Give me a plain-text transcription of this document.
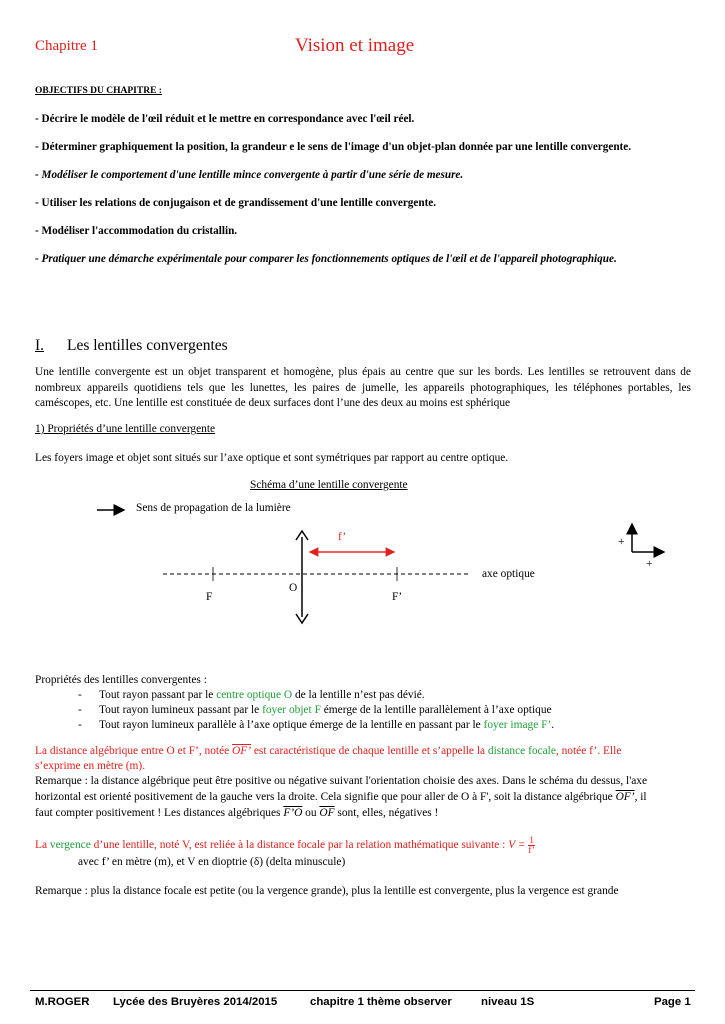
Chapitre 1	Vision et image
OBJECTIFS DU CHAPITRE :
- Décrire le modèle de l'œil réduit et le mettre en correspondance avec l'œil réel.
- Déterminer graphiquement la position, la grandeur e le sens de l'image d'un objet-plan donnée par une lentille convergente.
- Modéliser le comportement d'une lentille mince convergente à partir d'une série de mesure.
- Utiliser les relations de conjugaison et de grandissement d'une lentille convergente.
- Modéliser l'accommodation du cristallin.
- Pratiquer une démarche expérimentale pour comparer les fonctionnements optiques de l'œil et de l'appareil photographique.
I. Les lentilles convergentes
Une lentille convergente est un objet transparent et homogène, plus épais au centre que sur les bords. Les lentilles se retrouvent dans de nombreux appareils quotidiens tels que les lunettes, les paires de jumelle, les appareils photographiques, les téléphones portables, les caméscopes, etc. Une lentille est constituée de deux surfaces dont l’une des deux au moins est sphérique
1) Propriétés d’une lentille convergente
Les foyers image et objet sont situés sur l’axe optique et sont symétriques par rapport au centre optique.
Schéma d’une lentille convergente
Sens de propagation de la lumière
f’
axe optique
F
O
F’
+
+
Propriétés des lentilles convergentes :
- Tout rayon passant par le centre optique O de la lentille n’est pas dévié.
- Tout rayon lumineux passant par le foyer objet F émerge de la lentille parallèlement à l’axe optique
- Tout rayon lumineux parallèle à l’axe optique émerge de la lentille en passant par le foyer image F’.
La distance algébrique entre O et F’, notée OF’ est caractéristique de chaque lentille et s’appelle la distance focale, notée f’. Elle
s’exprime en mètre (m).
Remarque : la distance algébrique peut être positive ou négative suivant l'orientation choisie des axes. Dans le schéma du dessus, l'axe
horizontal est orienté positivement de la gauche vers la droite. Cela signifie que pour aller de O à F', soit la distance algébrique OF’, il
faut compter positivement ! Les distances algébriques F’O ou $\overline{OF}$ sont, elles, négatives !
La vergence d’une lentille, noté V, est reliée à la distance focale par la relation mathématique suivante : $V = \frac{1}{f’}$
avec f’ en mètre (m), et V en dioptrie (δ) (delta minuscule)
Remarque : plus la distance focale est petite (ou la vergence grande), plus la lentille est convergente, plus la vergence est grande
M.ROGER Lycée des Bruyères 2014/2015	chapitre 1 thème observer	niveau 1S	Page 1
